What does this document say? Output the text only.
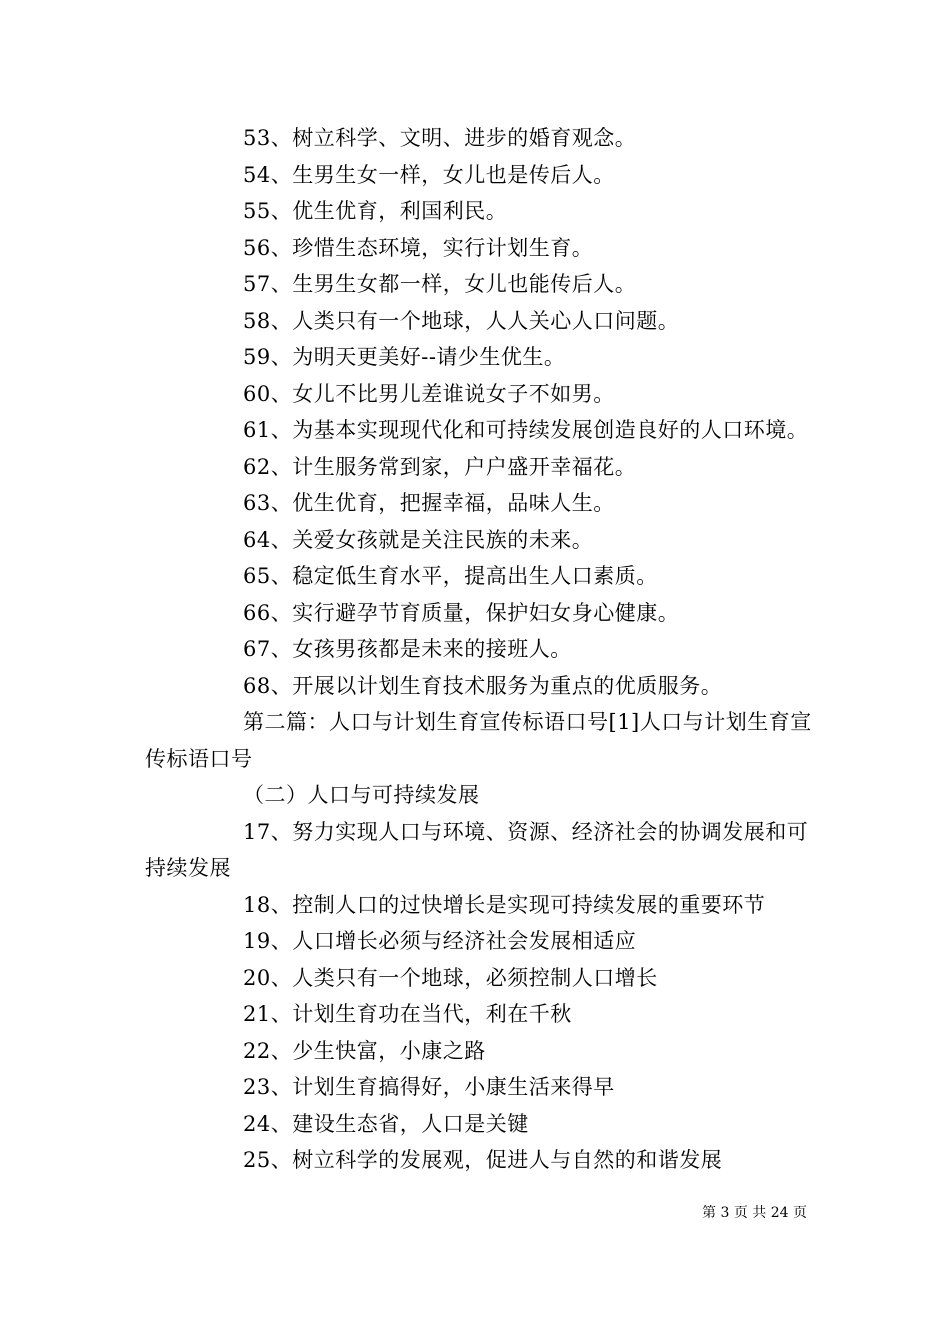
53、树立科学、文明、进步的婚育观念。
54、生男生女一样，女儿也是传后人。
55、优生优育，利国利民。
56、珍惜生态环境，实行计划生育。
57、生男生女都一样，女儿也能传后人。
58、人类只有一个地球，人人关心人口问题。
59、为明天更美好--请少生优生。
60、女儿不比男儿差谁说女子不如男。
61、为基本实现现代化和可持续发展创造良好的人口环境。
62、计生服务常到家，户户盛开幸福花。
63、优生优育，把握幸福，品味人生。
64、关爱女孩就是关注民族的未来。
65、稳定低生育水平，提高出生人口素质。
66、实行避孕节育质量，保护妇女身心健康。
67、女孩男孩都是未来的接班人。
68、开展以计划生育技术服务为重点的优质服务。

第二篇：人口与计划生育宣传标语口号[1]人口与计划生育宣传标语口号

（二）人口与可持续发展

17、努力实现人口与环境、资源、经济社会的协调发展和可持续发展

18、控制人口的过快增长是实现可持续发展的重要环节
19、人口增长必须与经济社会发展相适应
20、人类只有一个地球，必须控制人口增长
21、计划生育功在当代，利在千秋
22、少生快富，小康之路
23、计划生育搞得好，小康生活来得早
24、建设生态省，人口是关键
25、树立科学的发展观，促进人与自然的和谐发展
第 3 页 共 24 页
